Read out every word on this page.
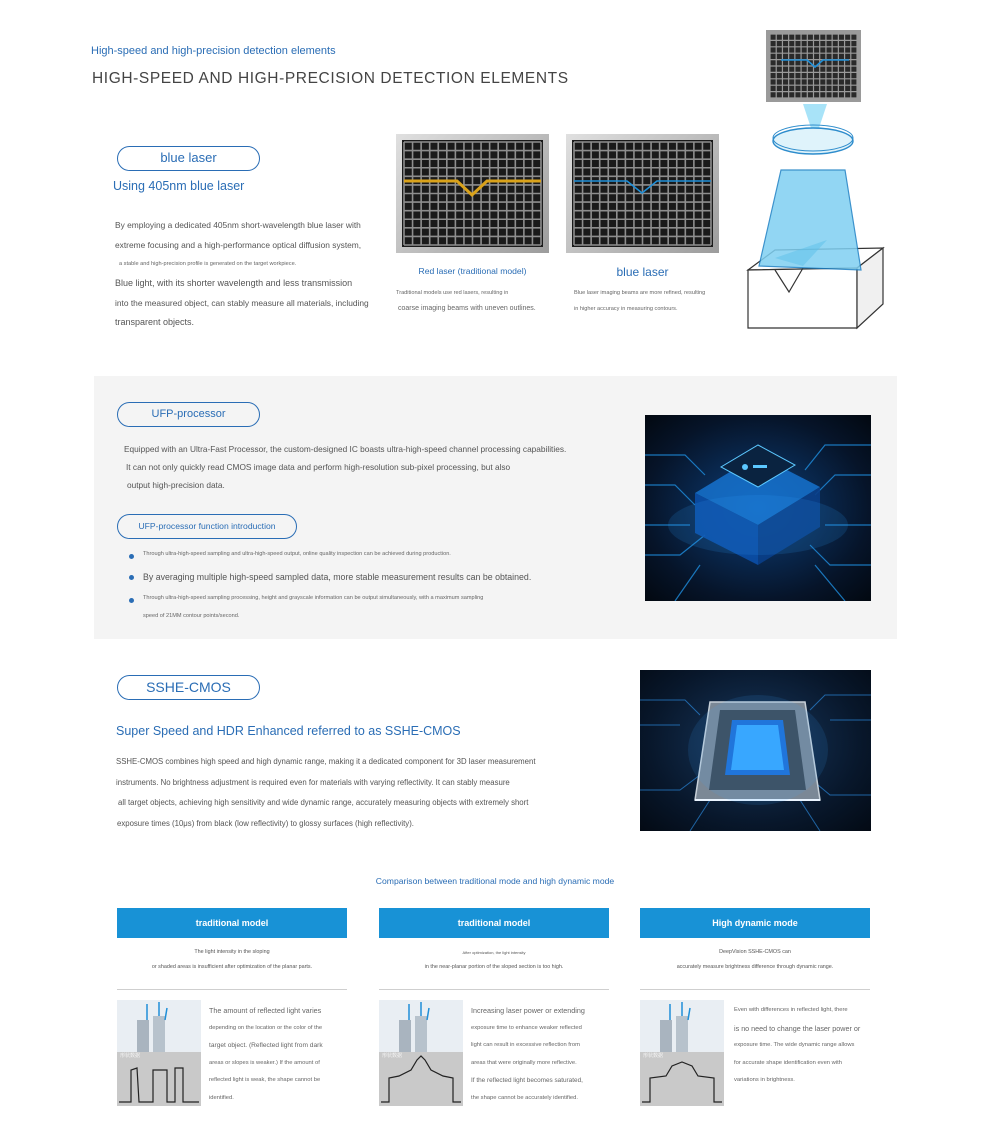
High-speed and high-precision detection elements
HIGH-SPEED AND HIGH-PRECISION DETECTION ELEMENTS
blue laser
Using 405nm blue laser
By employing a dedicated 405nm short-wavelength blue laser with
extreme focusing and a high-performance optical diffusion system,
a stable and high-precision profile is generated on the target workpiece.
Blue light, with its shorter wavelength and less transmission
into the measured object, can stably measure all materials, including
transparent objects.
Red laser (traditional model)
Traditional models use red lasers, resulting in
coarse imaging beams with uneven outlines.
blue laser
Blue laser imaging beams are more refined, resulting
in higher accuracy in measuring contours.
UFP-processor
Equipped with an Ultra-Fast Processor, the custom-designed IC boasts ultra-high-speed channel processing capabilities.
It can not only quickly read CMOS image data and perform high-resolution sub-pixel processing, but also
output high-precision data.
UFP-processor function introduction
Through ultra-high-speed sampling and ultra-high-speed output, online quality inspection can be achieved during production.
By averaging multiple high-speed sampled data, more stable measurement results can be obtained.
Through ultra-high-speed sampling processing, height and grayscale information can be output simultaneously, with a maximum sampling
speed of 21MM contour points/second.
SSHE-CMOS
Super Speed and HDR Enhanced referred to as SSHE-CMOS
SSHE-CMOS combines high speed and high dynamic range, making it a dedicated component for 3D laser measurement
instruments. No brightness adjustment is required even for materials with varying reflectivity. It can stably measure
all target objects, achieving high sensitivity and wide dynamic range, accurately measuring objects with extremely short
exposure times (10μs) from black (low reflectivity) to glossy surfaces (high reflectivity).
Comparison between traditional mode and high dynamic mode
traditional model
The light intensity in the sloping
or shaded areas is insufficient after optimization of the planar parts.
形状数据
The amount of reflected light varies
depending on the location or the color of the
target object. (Reflected light from dark
areas or slopes is weaker.) If the amount of
reflected light is weak, the shape cannot be
identified.
traditional model
After optimization, the light intensity
in the near-planar portion of the sloped section is too high.
形状数据
Increasing laser power or extending
exposure time to enhance weaker reflected
light can result in excessive reflection from
areas that were originally more reflective.
If the reflected light becomes saturated,
the shape cannot be accurately identified.
High dynamic mode
DeepVision SSHE-CMOS can
accurately measure brightness difference through dynamic range.
形状数据
Even with differences in reflected light, there
is no need to change the laser power or
exposure time. The wide dynamic range allows
for accurate shape identification even with
variations in brightness.
